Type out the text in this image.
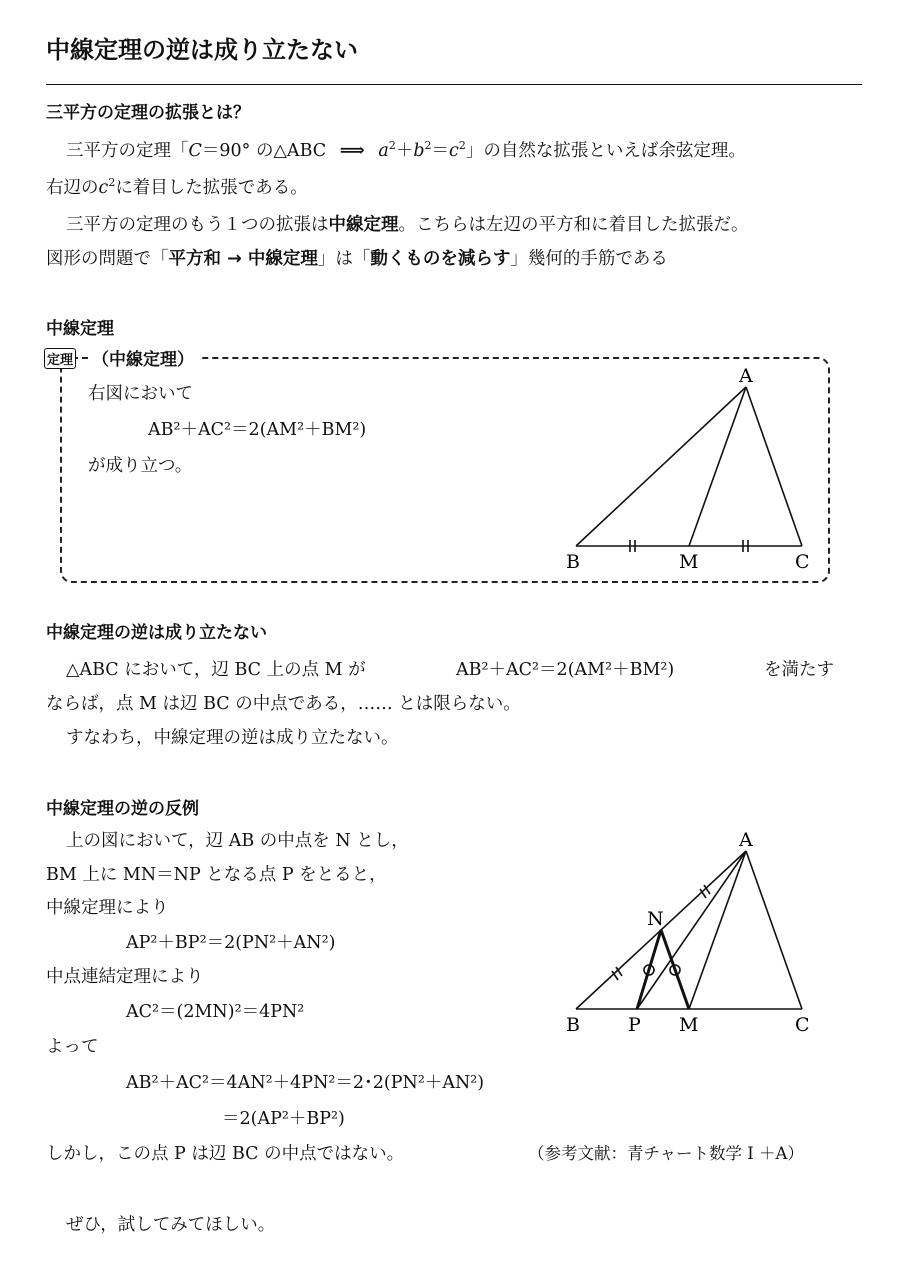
中線定理の逆は成り立たない
三平方の定理の拡張とは？
三平方の定理「C＝90° の△ABC ⟹ $a^2+b^2=c^2$」の自然な拡張といえば余弦定理。
右辺の$c^2$に着目した拡張である。
三平方の定理のもう１つの拡張は中線定理。こちらは左辺の平方和に着目した拡張だ。
図形の問題で「平方和 → 中線定理」は「動くものを減らす」幾何的手筋である
中線定理
定理 （中線定理）
右図において
AB²＋AC²＝2(AM²＋BM²)
が成り立つ。
A
B	C
M
中線定理の逆は成り立たない
△ABC において，辺 BC 上の点 M が	AB²＋AC²＝2(AM²＋BM²)	を満たす
ならば，点 M は辺 BC の中点である，…… とは限らない。
すなわち，中線定理の逆は成り立たない。
中線定理の逆の反例
上の図において，辺 AB の中点を N とし，
BM 上に MN＝NP となる点 P をとると，
中線定理により
AP²＋BP²＝2(PN²＋AN²)
中点連結定理により
AC²＝(2MN)²＝4PN²
よって
AB²＋AC²＝4AN²＋4PN²＝2･2(PN²＋AN²)
＝2(AP²＋BP²)
しかし，この点 P は辺 BC の中点ではない。	（参考文献：青チャート数学 I ＋A）
A
N
B	P M	C
ぜひ，試してみてほしい。
